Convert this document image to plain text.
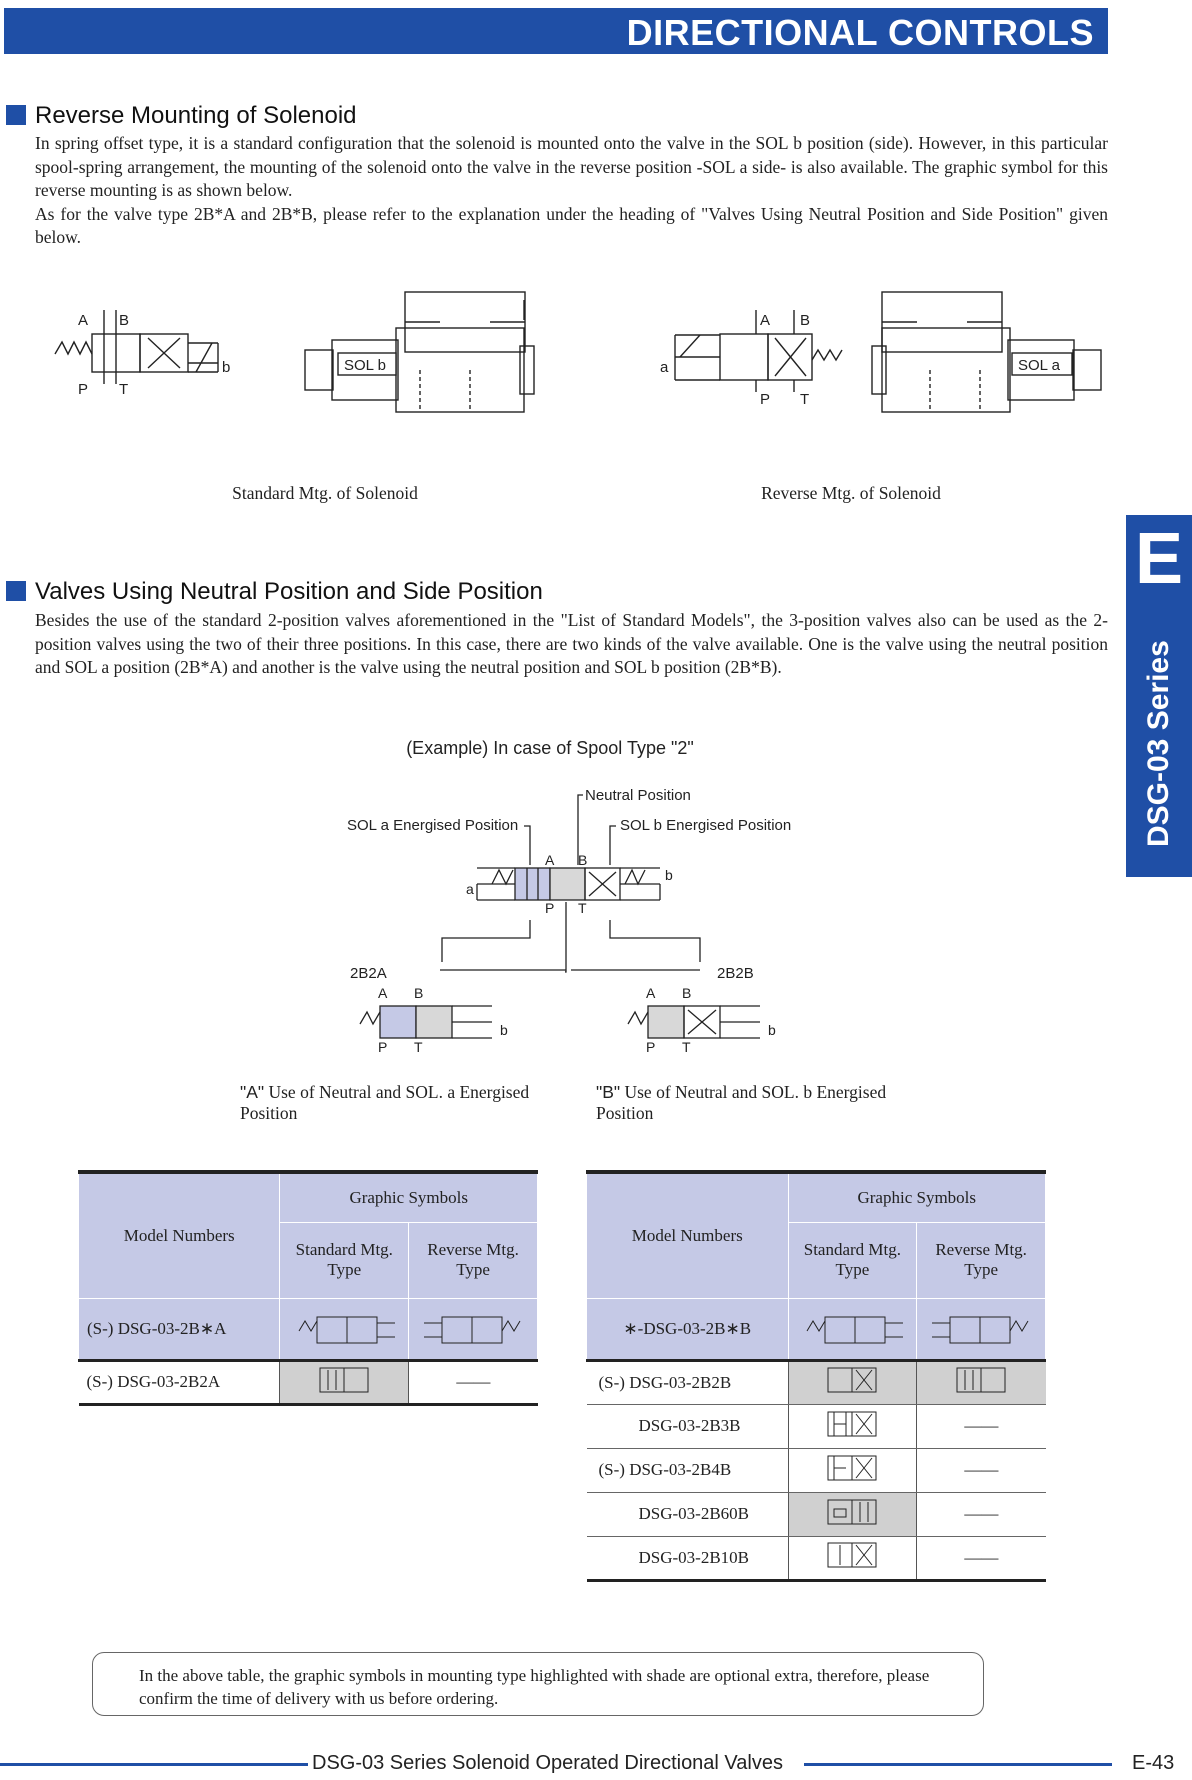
DIRECTIONAL CONTROLS
E
DSG-03 Series
Reverse Mounting of Solenoid

In spring offset type, it is a standard configuration that the solenoid is mounted onto the valve in the SOL b position (side). However, in this particular spool-spring arrangement, the mounting of the solenoid onto the valve in the reverse position -SOL a side- is also available. The graphic symbol for this reverse mounting is as shown below.

As for the valve type 2B*A and 2B*B, please refer to the explanation under the heading of "Valves Using Neutral Position and Side Position" given below.

A B
P T
b	SOL b
A B
P T
a	SOL a
Standard Mtg. of Solenoid	Reverse Mtg. of Solenoid
Valves Using Neutral Position and Side Position

Besides the use of the standard 2-position valves aforementioned in the "List of Standard Models", the 3-position valves also can be used as the 2-position valves using the two of their three positions. In this case, there are two kinds of the valve available. One is the valve using the neutral position and SOL a position (2B*A) and another is the valve using the neutral position and SOL b position (2B*B).

(Example) In case of Spool Type "2"
Neutral Position
SOL a Energised Position	SOL b Energised Position
a
b
A B
P T
2B2A	2B2B
A B
P T
b
A B
P T
b
"A" Use of Neutral and SOL. a Energised Position
"B" Use of Neutral and SOL. b Energised Position
Model Numbers	Graphic Symbols	
	Standard Mtg. Type	Reverse Mtg. Type
(S-) DSG-03-2B∗A		
(S-) DSG-03-2B2A		——
Model Numbers	Graphic Symbols	
	Standard Mtg. Type	Reverse Mtg. Type
∗-DSG-03-2B∗B		
(S-) DSG-03-2B2B		
DSG-03-2B3B		——
(S-) DSG-03-2B4B		——
DSG-03-2B60B		——
DSG-03-2B10B		——

In the above table, the graphic symbols in mounting type highlighted with shade are optional extra, therefore, please confirm the time of delivery with us before ordering.

DSG-03 Series Solenoid Operated Directional Valves	E-43
